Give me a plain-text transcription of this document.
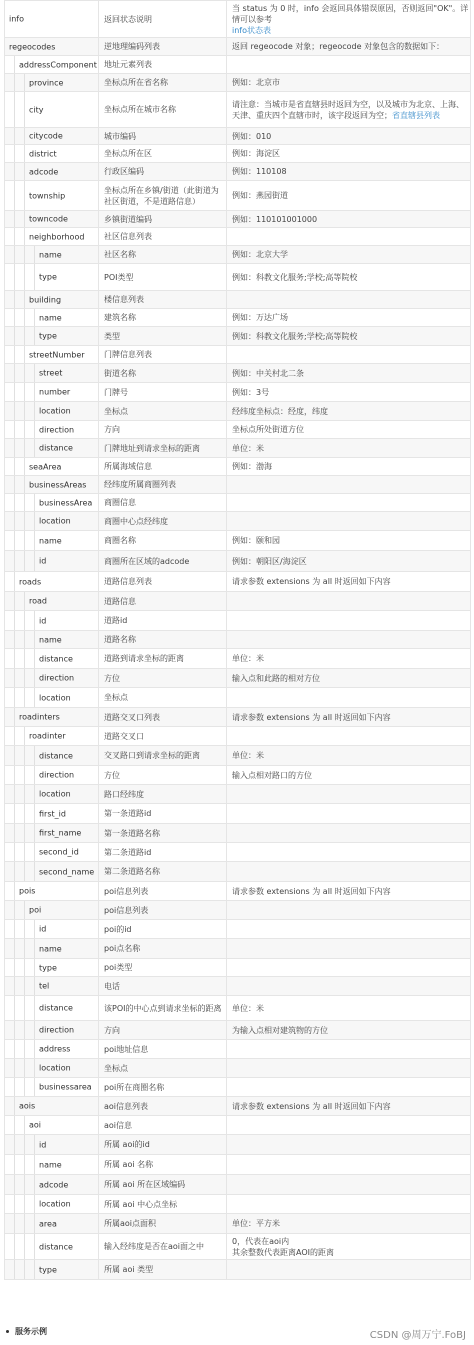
info	返回状态说明	当 status 为 0 时，info 会返回具体错误原因，否则返回"OK"。详情可以参考
info状态表

regeocodes	逆地理编码列表	返回 regeocode 对象；regeocode 对象包含的数据如下：

addressComponent	地址元素列表	

province	坐标点所在省名称	例如：北京市

city	坐标点所在城市名称	请注意：当城市是省直辖县时返回为空，以及城市为北京、上海、天津、重庆四个直辖市时，该字段返回为空；省直辖县列表

citycode	城市编码	例如：010

district	坐标点所在区	例如：海淀区

adcode	行政区编码	例如：110108

township	坐标点所在乡镇/街道（此街道为社区街道，不是道路信息）	例如：燕园街道

towncode	乡镇街道编码	例如：110101001000

neighborhood	社区信息列表	

name	社区名称	例如：北京大学

type	POI类型	例如：科教文化服务;学校;高等院校

building	楼信息列表	

name	建筑名称	例如：万达广场

type	类型	例如：科教文化服务;学校;高等院校

streetNumber	门牌信息列表	

street	街道名称	例如：中关村北二条

number	门牌号	例如：3号

location	坐标点	经纬度坐标点：经度，纬度

direction	方向	坐标点所处街道方位

distance	门牌地址到请求坐标的距离	单位：米

seaArea	所属海域信息	例如：渤海

businessAreas	经纬度所属商圈列表	

businessArea	商圈信息	

location	商圈中心点经纬度	

name	商圈名称	例如：颐和园

id	商圈所在区域的adcode	例如：朝阳区/海淀区

roads	道路信息列表	请求参数 extensions 为 all 时返回如下内容

road	道路信息	

id	道路id	

name	道路名称	

distance	道路到请求坐标的距离	单位：米

direction	方位	输入点和此路的相对方位

location	坐标点	

roadinters	道路交叉口列表	请求参数 extensions 为 all 时返回如下内容

roadinter	道路交叉口	

distance	交叉路口到请求坐标的距离	单位：米

direction	方位	输入点相对路口的方位

location	路口经纬度	

first_id	第一条道路id	

first_name	第一条道路名称	

second_id	第二条道路id	

second_name	第二条道路名称	

pois	poi信息列表	请求参数 extensions 为 all 时返回如下内容

poi	poi信息列表	

id	poi的id	

name	poi点名称	

type	poi类型	

tel	电话	

distance	该POI的中心点到请求坐标的距离	单位：米

direction	方向	为输入点相对建筑物的方位

address	poi地址信息	

location	坐标点	

businessarea	poi所在商圈名称	

aois	aoi信息列表	请求参数 extensions 为 all 时返回如下内容

aoi	aoi信息	

id	所属 aoi的id	

name	所属 aoi 名称	

adcode	所属 aoi 所在区域编码	

location	所属 aoi 中心点坐标	

area	所属aoi点面积	单位：平方米

distance	输入经纬度是否在aoi面之中	0，代表在aoi内
其余整数代表距离AOI的距离

type	所属 aoi 类型	
服务示例	CSDN @周万宁.FoBJ
